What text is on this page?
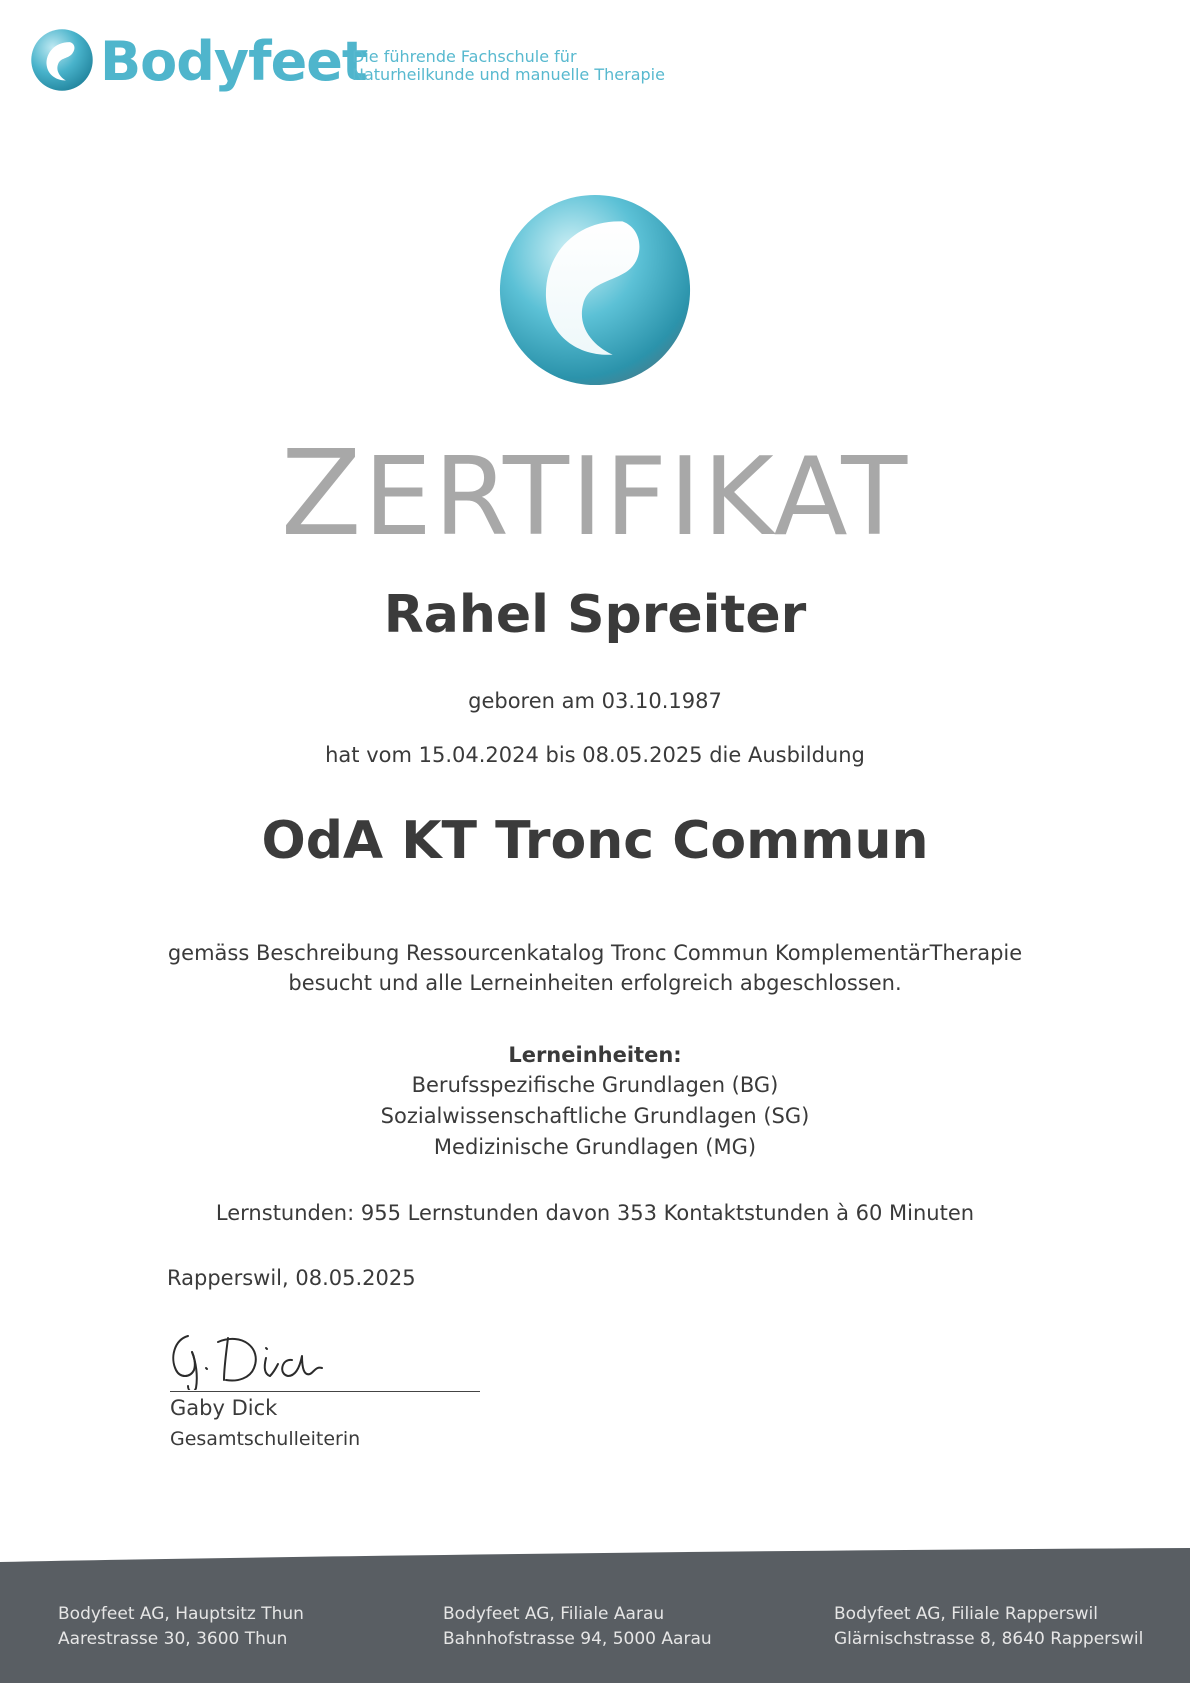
Bodyfeet
Die führende Fachschule für
Naturheilkunde und manuelle Therapie
ZERTIFIKAT
Rahel Spreiter
geboren am 03.10.1987
hat vom 15.04.2024 bis 08.05.2025 die Ausbildung
OdA KT Tronc Commun
gemäss Beschreibung Ressourcenkatalog Tronc Commun KomplementärTherapie
besucht und alle Lerneinheiten erfolgreich abgeschlossen.
Lerneinheiten:
Berufsspezifische Grundlagen (BG)
Sozialwissenschaftliche Grundlagen (SG)
Medizinische Grundlagen (MG)
Lernstunden: 955 Lernstunden davon 353 Kontaktstunden à 60 Minuten
Rapperswil, 08.05.2025
Gaby Dick
Gesamtschulleiterin
Bodyfeet AG, Hauptsitz Thun
Aarestrasse 30, 3600 Thun
Bodyfeet AG, Filiale Aarau
Bahnhofstrasse 94, 5000 Aarau
Bodyfeet AG, Filiale Rapperswil
Glärnischstrasse 8, 8640 Rapperswil
